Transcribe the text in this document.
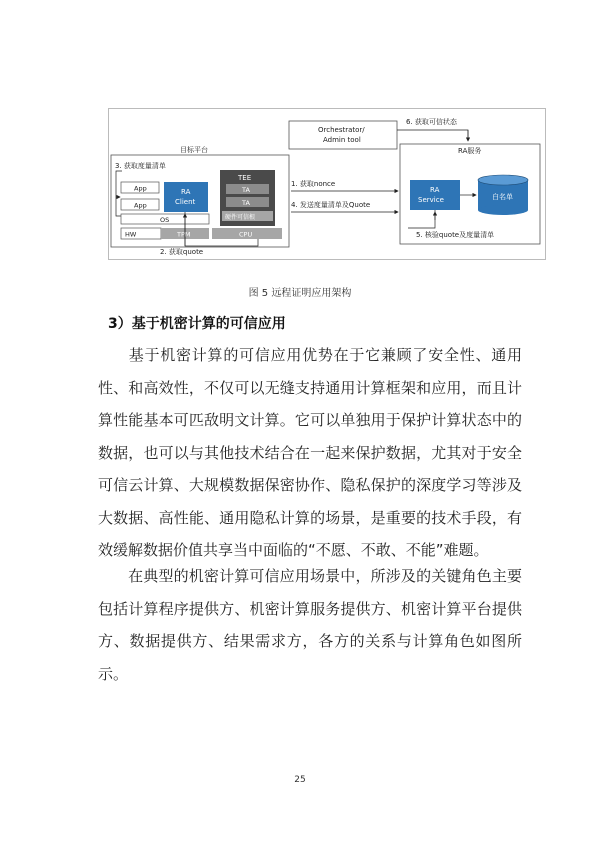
目标平台
3. 获取度量清单
App
App
RA
Client
OS
HW	TPM	CPU
TEE
TA
TA
硬件可信根
2. 获取quote
1. 获取nonce
4. 发送度量清单及Quote
Orchestrator/
Admin tool
6. 获取可信状态
RA服务
RA
Service	白名单
5. 核验quote及度量清单
图 5 远程证明应用架构
3）基于机密计算的可信应用

基于机密计算的可信应用优势在于它兼顾了安全性、通用性、和高效性，不仅可以无缝支持通用计算框架和应用，而且计算性能基本可匹敌明文计算。它可以单独用于保护计算状态中的数据，也可以与其他技术结合在一起来保护数据，尤其对于安全可信云计算、大规模数据保密协作、隐私保护的深度学习等涉及大数据、高性能、通用隐私计算的场景，是重要的技术手段，有效缓解数据价值共享当中面临的“不愿、不敢、不能”难题。

在典型的机密计算可信应用场景中，所涉及的关键角色主要包括计算程序提供方、机密计算服务提供方、机密计算平台提供方、数据提供方、结果需求方，各方的关系与计算角色如图所示。

25
